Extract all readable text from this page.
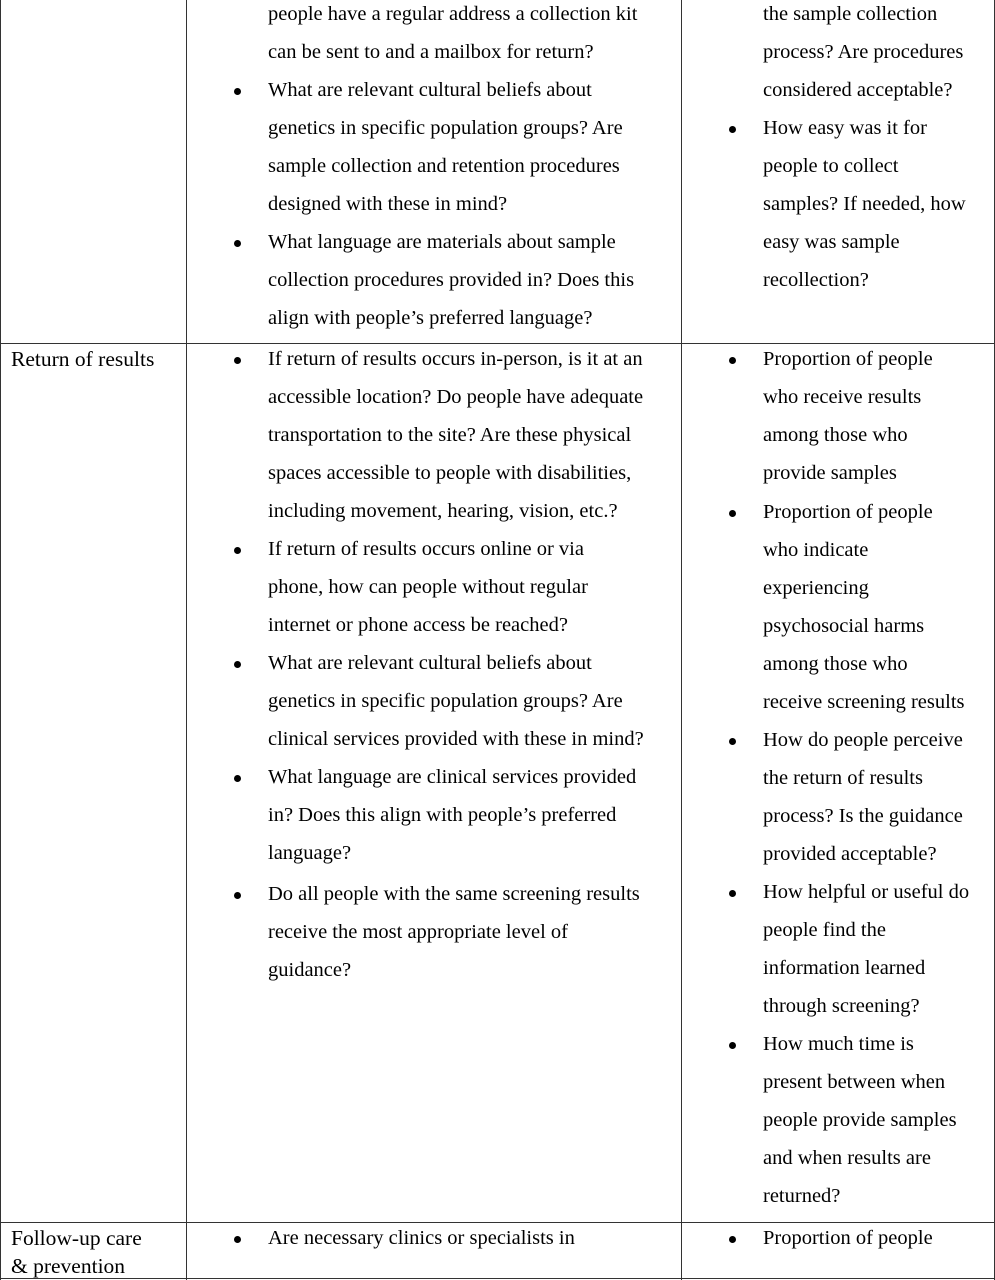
Return of results
Follow-up care
& prevention
people have a regular address a collection kit
can be sent to and a mailbox for return?
What are relevant cultural beliefs about
genetics in specific population groups? Are
sample collection and retention procedures
designed with these in mind?
What language are materials about sample
collection procedures provided in? Does this
align with people’s preferred language?
the sample collection
process? Are procedures
considered acceptable?
How easy was it for
people to collect
samples? If needed, how
easy was sample
recollection?
If return of results occurs in-person, is it at an
accessible location? Do people have adequate
transportation to the site? Are these physical
spaces accessible to people with disabilities,
including movement, hearing, vision, etc.?
If return of results occurs online or via
phone, how can people without regular
internet or phone access be reached?
What are relevant cultural beliefs about
genetics in specific population groups? Are
clinical services provided with these in mind?
What language are clinical services provided
in? Does this align with people’s preferred
language?
Do all people with the same screening results
receive the most appropriate level of
guidance?
Proportion of people
who receive results
among those who
provide samples
Proportion of people
who indicate
experiencing
psychosocial harms
among those who
receive screening results
How do people perceive
the return of results
process? Is the guidance
provided acceptable?
How helpful or useful do
people find the
information learned
through screening?
How much time is
present between when
people provide samples
and when results are
returned?
Are necessary clinics or specialists in	Proportion of people
